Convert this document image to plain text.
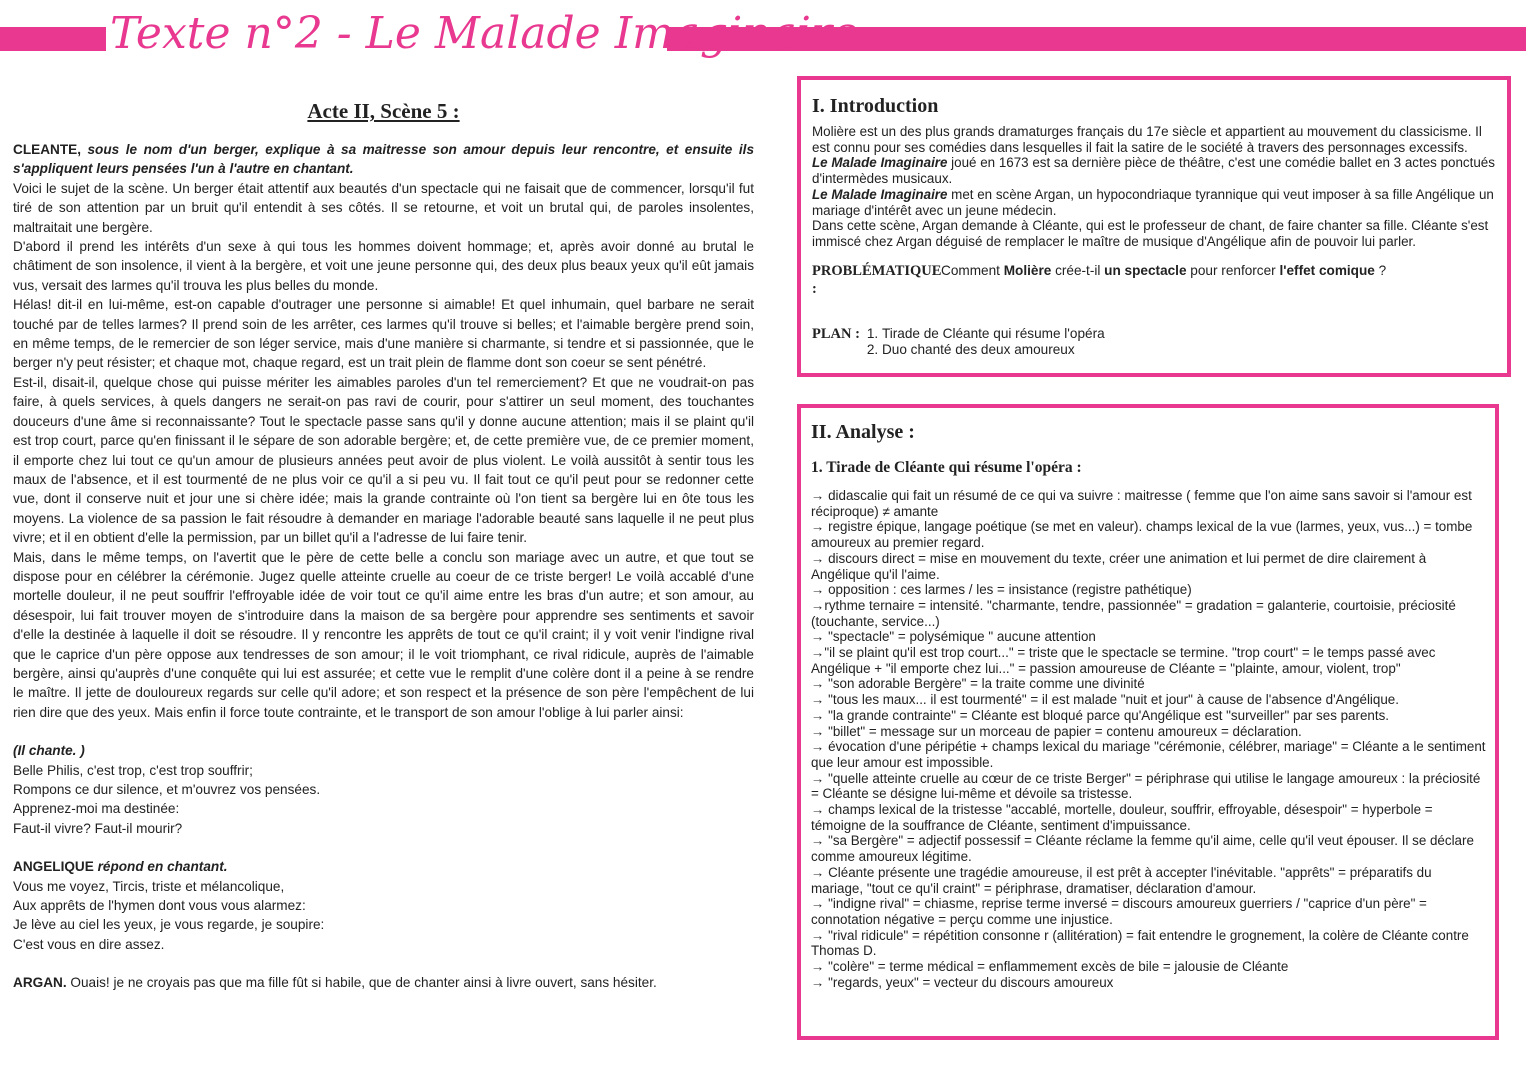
Texte n°2 - Le Malade Imaginaire
Acte II, Scène 5 :

CLEANTE, sous le nom d'un berger, explique à sa maitresse son amour depuis leur rencontre, et ensuite ils s'appliquent leurs pensées l'un à l'autre en chantant.

Voici le sujet de la scène. Un berger était attentif aux beautés d'un spectacle qui ne faisait que de commencer, lorsqu'il fut tiré de son attention par un bruit qu'il entendit à ses côtés. Il se retourne, et voit un brutal qui, de paroles insolentes, maltraitait une bergère.

D'abord il prend les intérêts d'un sexe à qui tous les hommes doivent hommage; et, après avoir donné au brutal le châtiment de son insolence, il vient à la bergère, et voit une jeune personne qui, des deux plus beaux yeux qu'il eût jamais vus, versait des larmes qu'il trouva les plus belles du monde.

Hélas! dit-il en lui-même, est-on capable d'outrager une personne si aimable! Et quel inhumain, quel barbare ne serait touché par de telles larmes? Il prend soin de les arrêter, ces larmes qu'il trouve si belles; et l'aimable bergère prend soin, en même temps, de le remercier de son léger service, mais d'une manière si charmante, si tendre et si passionnée, que le berger n'y peut résister; et chaque mot, chaque regard, est un trait plein de flamme dont son coeur se sent pénétré.

Est-il, disait-il, quelque chose qui puisse mériter les aimables paroles d'un tel remerciement? Et que ne voudrait-on pas faire, à quels services, à quels dangers ne serait-on pas ravi de courir, pour s'attirer un seul moment, des touchantes douceurs d'une âme si reconnaissante? Tout le spectacle passe sans qu'il y donne aucune attention; mais il se plaint qu'il est trop court, parce qu'en finissant il le sépare de son adorable bergère; et, de cette première vue, de ce premier moment, il emporte chez lui tout ce qu'un amour de plusieurs années peut avoir de plus violent. Le voilà aussitôt à sentir tous les maux de l'absence, et il est tourmenté de ne plus voir ce qu'il a si peu vu. Il fait tout ce qu'il peut pour se redonner cette vue, dont il conserve nuit et jour une si chère idée; mais la grande contrainte où l'on tient sa bergère lui en ôte tous les moyens. La violence de sa passion le fait résoudre à demander en mariage l'adorable beauté sans laquelle il ne peut plus vivre; et il en obtient d'elle la permission, par un billet qu'il a l'adresse de lui faire tenir.

Mais, dans le même temps, on l'avertit que le père de cette belle a conclu son mariage avec un autre, et que tout se dispose pour en célébrer la cérémonie. Jugez quelle atteinte cruelle au coeur de ce triste berger! Le voilà accablé d'une mortelle douleur, il ne peut souffrir l'effroyable idée de voir tout ce qu'il aime entre les bras d'un autre; et son amour, au désespoir, lui fait trouver moyen de s'introduire dans la maison de sa bergère pour apprendre ses sentiments et savoir d'elle la destinée à laquelle il doit se résoudre. Il y rencontre les apprêts de tout ce qu'il craint; il y voit venir l'indigne rival que le caprice d'un père oppose aux tendresses de son amour; il le voit triomphant, ce rival ridicule, auprès de l'aimable bergère, ainsi qu'auprès d'une conquête qui lui est assurée; et cette vue le remplit d'une colère dont il a peine à se rendre le maître. Il jette de douloureux regards sur celle qu'il adore; et son respect et la présence de son père l'empêchent de lui rien dire que des yeux. Mais enfin il force toute contrainte, et le transport de son amour l'oblige à lui parler ainsi:

(Il chante. )

Belle Philis, c'est trop, c'est trop souffrir;

Rompons ce dur silence, et m'ouvrez vos pensées.

Apprenez-moi ma destinée:

Faut-il vivre? Faut-il mourir?

ANGELIQUE répond en chantant.

Vous me voyez, Tircis, triste et mélancolique,

Aux apprêts de l'hymen dont vous vous alarmez:

Je lève au ciel les yeux, je vous regarde, je soupire:

C'est vous en dire assez.

ARGAN. Ouais! je ne croyais pas que ma fille fût si habile, que de chanter ainsi à livre ouvert, sans hésiter.

I. Introduction

Molière est un des plus grands dramaturges français du 17e siècle et appartient au mouvement du classicisme. Il est connu pour ses comédies dans lesquelles il fait la satire de le société à travers des personnages excessifs.

Le Malade Imaginaire joué en 1673 est sa dernière pièce de théâtre, c'est une comédie ballet en 3 actes ponctués d'intermèdes musicaux.

Le Malade Imaginaire met en scène Argan, un hypocondriaque tyrannique qui veut imposer à sa fille Angélique un mariage d'intérêt avec un jeune médecin.

Dans cette scène, Argan demande à Cléante, qui est le professeur de chant, de faire chanter sa fille. Cléante s'est immiscé chez Argan déguisé de remplacer le maître de musique d'Angélique afin de pouvoir lui parler.

PROBLÉMATIQUE :
Comment Molière crée-t-il un spectacle pour renforcer l'effet comique ?
PLAN :
1. Tirade de Cléante qui résume l'opéra
2. Duo chanté des deux amoureux
II. Analyse :
1. Tirade de Cléante qui résume l'opéra :

→ didascalie qui fait un résumé de ce qui va suivre : maitresse ( femme que l'on aime sans savoir si l'amour est réciproque) ≠ amante

→ registre épique, langage poétique (se met en valeur). champs lexical de la vue (larmes, yeux, vus...) = tombe amoureux au premier regard.

→ discours direct = mise en mouvement du texte, créer une animation et lui permet de dire clairement à Angélique qu'il l'aime.

→ opposition : ces larmes / les = insistance (registre pathétique)

→rythme ternaire = intensité. "charmante, tendre, passionnée" = gradation = galanterie, courtoisie, préciosité (touchante, service...)

→ "spectacle" = polysémique " aucune attention

→"il se plaint qu'il est trop court..." = triste que le spectacle se termine. "trop court" = le temps passé avec Angélique + "il emporte chez lui..." = passion amoureuse de Cléante = "plainte, amour, violent, trop"

→ "son adorable Bergère" = la traite comme une divinité

→ "tous les maux... il est tourmenté" = il est malade "nuit et jour" à cause de l'absence d'Angélique.

→ "la grande contrainte" = Cléante est bloqué parce qu'Angélique est "surveiller" par ses parents.

→ "billet" = message sur un morceau de papier = contenu amoureux = déclaration.

→ évocation d'une péripétie + champs lexical du mariage "cérémonie, célébrer, mariage" = Cléante a le sentiment que leur amour est impossible.

→ "quelle atteinte cruelle au cœur de ce triste Berger" = périphrase qui utilise le langage amoureux : la préciosité = Cléante se désigne lui-même et dévoile sa tristesse.

→ champs lexical de la tristesse "accablé, mortelle, douleur, souffrir, effroyable, désespoir" = hyperbole = témoigne de la souffrance de Cléante, sentiment d'impuissance.

→ "sa Bergère" = adjectif possessif = Cléante réclame la femme qu'il aime, celle qu'il veut épouser. Il se déclare comme amoureux légitime.

→ Cléante présente une tragédie amoureuse, il est prêt à accepter l'inévitable. "apprêts" = préparatifs du mariage, "tout ce qu'il craint" = périphrase, dramatiser, déclaration d'amour.

→ "indigne rival" = chiasme, reprise terme inversé = discours amoureux guerriers / "caprice d'un père" = connotation négative = perçu comme une injustice.

→ "rival ridicule" = répétition consonne r (allitération) = fait entendre le grognement, la colère de Cléante contre Thomas D.

→ "colère" = terme médical = enflammement excès de bile = jalousie de Cléante

→ "regards, yeux" = vecteur du discours amoureux
